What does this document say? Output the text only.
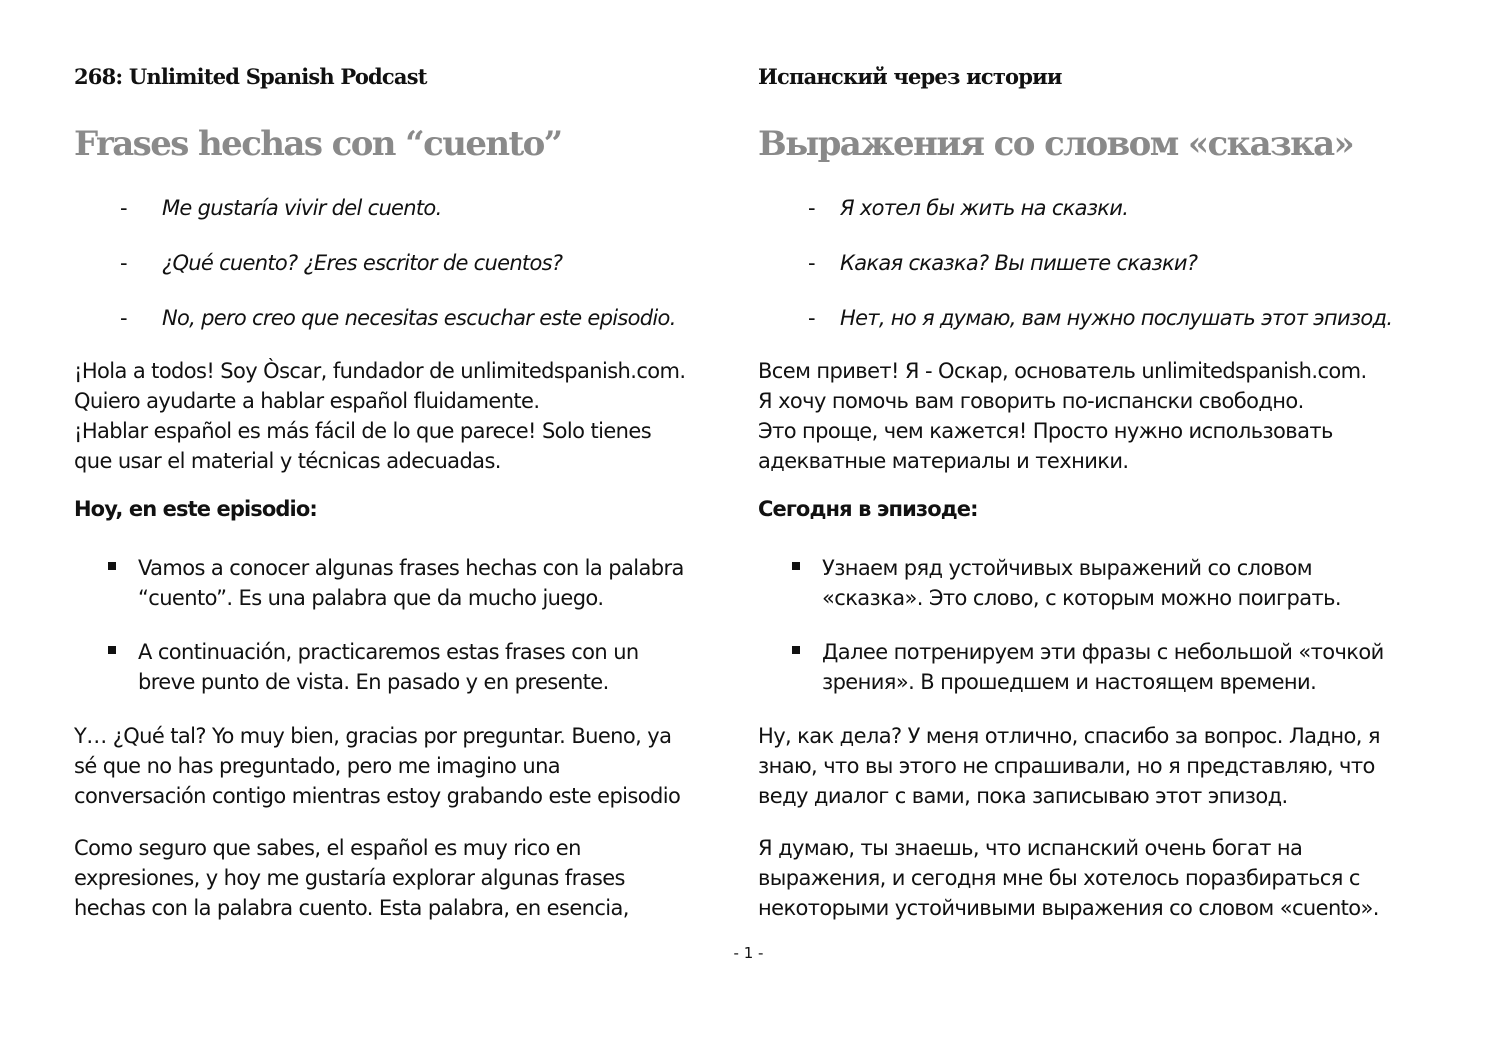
268: Unlimited Spanish Podcast
Frases hechas con “cuento”
- Me gustaría vivir del cuento.
- ¿Qué cuento? ¿Eres escritor de cuentos?
- No, pero creo que necesitas escuchar este episodio.
¡Hola a todos! Soy Òscar, fundador de unlimitedspanish.com.
Quiero ayudarte a hablar español fluidamente.
¡Hablar español es más fácil de lo que parece! Solo tienes
que usar el material y técnicas adecuadas.
Hoy, en este episodio:
Vamos a conocer algunas frases hechas con la palabra
“cuento”. Es una palabra que da mucho juego.
A continuación, practicaremos estas frases con un
breve punto de vista. En pasado y en presente.
Y… ¿Qué tal? Yo muy bien, gracias por preguntar. Bueno, ya
sé que no has preguntado, pero me imagino una
conversación contigo mientras estoy grabando este episodio
Como seguro que sabes, el español es muy rico en
expresiones, y hoy me gustaría explorar algunas frases
hechas con la palabra cuento. Esta palabra, en esencia,
Испанский через истории
Выражения со словом «сказка»
- Я хотел бы жить на сказки.
- Какая сказка? Вы пишете сказки?
- Нет, но я думаю, вам нужно послушать этот эпизод.
Всем привет! Я - Оскар, основатель unlimitedspanish.com.
Я хочу помочь вам говорить по-испански свободно.
Это проще, чем кажется! Просто нужно использовать
адекватные материалы и техники.
Сегодня в эпизоде:
Узнаем ряд устойчивых выражений со словом
«сказка». Это слово, с которым можно поиграть.
Далее потренируем эти фразы с небольшой «точкой
зрения». В прошедшем и настоящем времени.
Ну, как дела? У меня отлично, спасибо за вопрос. Ладно, я
знаю, что вы этого не спрашивали, но я представляю, что
веду диалог с вами, пока записываю этот эпизод.
Я думаю, ты знаешь, что испанский очень богат на
выражения, и сегодня мне бы хотелось поразбираться с
некоторыми устойчивыми выражения со словом «cuento».
- 1 -
